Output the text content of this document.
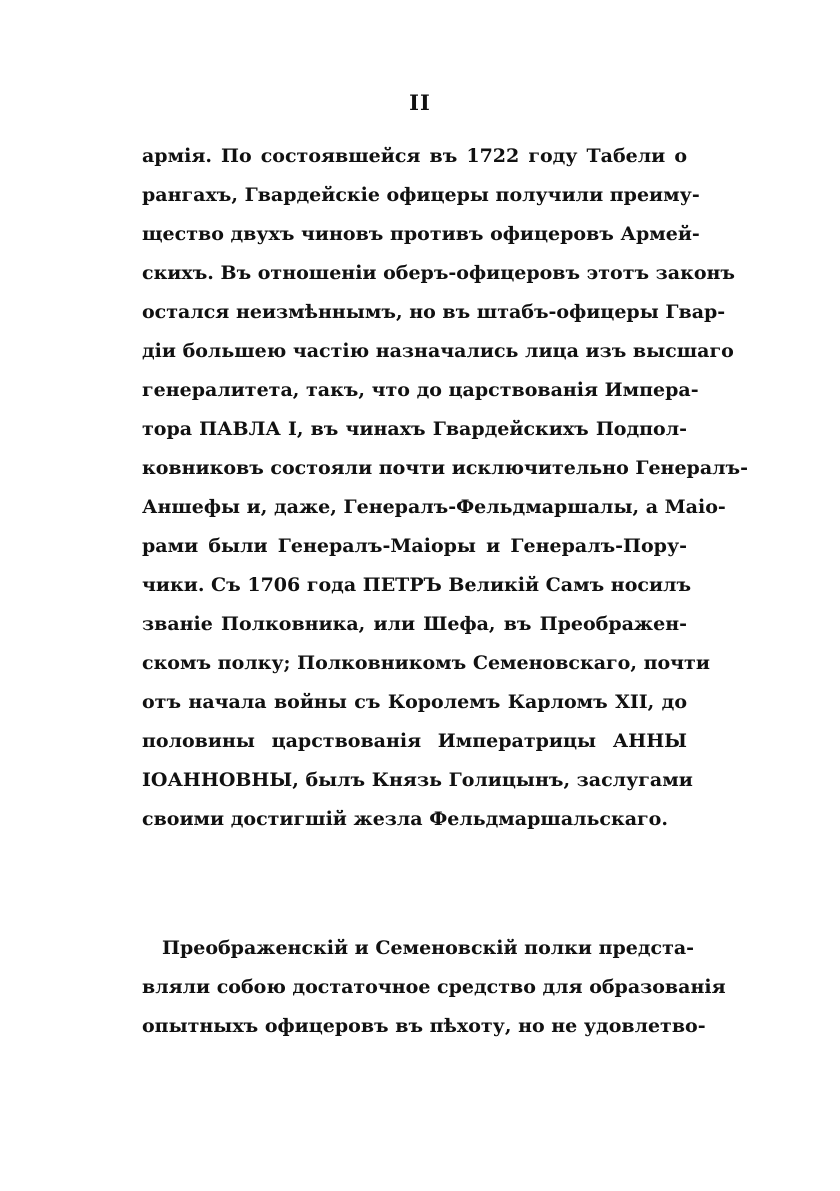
II
армія. По состоявшейся въ 1722 году Табели о
рангахъ, Гвардейскіе офицеры получили преиму-
щество двухъ чиновъ противъ офицеровъ Армей-
скихъ. Въ отношеніи оберъ-офицеровъ этотъ законъ
остался неизмѣннымъ, но въ штабъ-офицеры Гвар-
діи большею частію назначались лица изъ высшаго
генералитета, такъ, что до царствованія Импера-
тора ПАВЛА I, въ чинахъ Гвардейскихъ Подпол-
ковниковъ состояли почти исключительно Генералъ-
Аншефы и, даже, Генералъ-Фельдмаршалы, а Маіо-
рами были Генералъ-Маіоры и Генералъ-Пору-
чики. Съ 1706 года ПЕТРЪ Великій Самъ носилъ
званіе Полковника, или Шефа, въ Преображен-
скомъ полку; Полковникомъ Семеновскаго, почти
отъ начала войны съ Королемъ Карломъ XII, до
половины царствованія Императрицы АННЫ
ІОАННОВНЫ, былъ Князь Голицынъ, заслугами
своими достигшій жезла Фельдмаршальскаго.
Преображенскій и Семеновскій полки предста-
вляли собою достаточное средство для образованія
опытныхъ офицеровъ въ пѣхоту, но не удовлетво-
